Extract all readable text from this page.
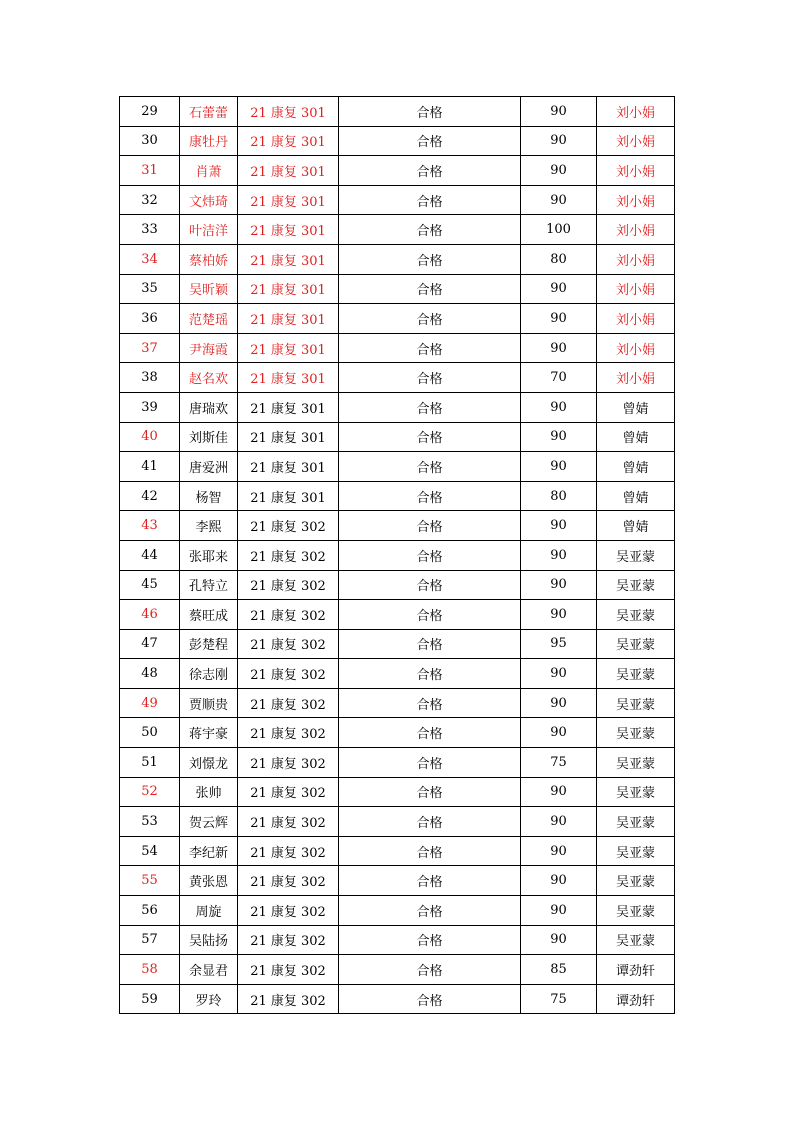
29	石蕾蕾	21 康复 301	合格	90	刘小娟
30	康牡丹	21 康复 301	合格	90	刘小娟
31	肖萧	21 康复 301	合格	90	刘小娟
32	文炜琦	21 康复 301	合格	90	刘小娟
33	叶洁洋	21 康复 301	合格	100	刘小娟
34	蔡柏娇	21 康复 301	合格	80	刘小娟
35	吴昕颖	21 康复 301	合格	90	刘小娟
36	范楚瑶	21 康复 301	合格	90	刘小娟
37	尹海霞	21 康复 301	合格	90	刘小娟
38	赵名欢	21 康复 301	合格	70	刘小娟
39	唐瑞欢	21 康复 301	合格	90	曾婧
40	刘斯佳	21 康复 301	合格	90	曾婧
41	唐爱洲	21 康复 301	合格	90	曾婧
42	杨智	21 康复 301	合格	80	曾婧
43	李熙	21 康复 302	合格	90	曾婧
44	张耶来	21 康复 302	合格	90	吴亚蒙
45	孔特立	21 康复 302	合格	90	吴亚蒙
46	蔡旺成	21 康复 302	合格	90	吴亚蒙
47	彭楚程	21 康复 302	合格	95	吴亚蒙
48	徐志刚	21 康复 302	合格	90	吴亚蒙
49	贾顺贵	21 康复 302	合格	90	吴亚蒙
50	蒋宇豪	21 康复 302	合格	90	吴亚蒙
51	刘憬龙	21 康复 302	合格	75	吴亚蒙
52	张帅	21 康复 302	合格	90	吴亚蒙
53	贺云辉	21 康复 302	合格	90	吴亚蒙
54	李纪新	21 康复 302	合格	90	吴亚蒙
55	黄张恩	21 康复 302	合格	90	吴亚蒙
56	周旋	21 康复 302	合格	90	吴亚蒙
57	吴陆扬	21 康复 302	合格	90	吴亚蒙
58	余显君	21 康复 302	合格	85	谭劲轩
59	罗玲	21 康复 302	合格	75	谭劲轩
